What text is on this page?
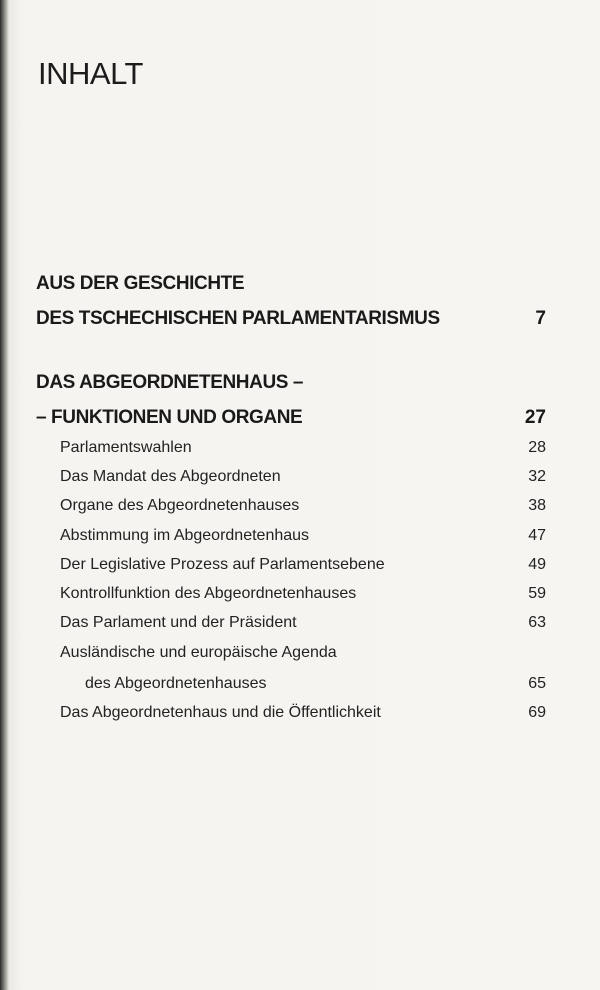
INHALT
AUS DER GESCHICHTE
DES TSCHECHISCHEN PARLAMENTARISMUS	7
DAS ABGEORDNETENHAUS –
– FUNKTIONEN UND ORGANE	27
Parlamentswahlen	28
Das Mandat des Abgeordneten	32
Organe des Abgeordnetenhauses	38
Abstimmung im Abgeordnetenhaus	47
Der Legislative Prozess auf Parlamentsebene	49
Kontrollfunktion des Abgeordnetenhauses	59
Das Parlament und der Präsident	63
Ausländische und europäische Agenda
des Abgeordnetenhauses	65
Das Abgeordnetenhaus und die Öffentlichkeit	69
